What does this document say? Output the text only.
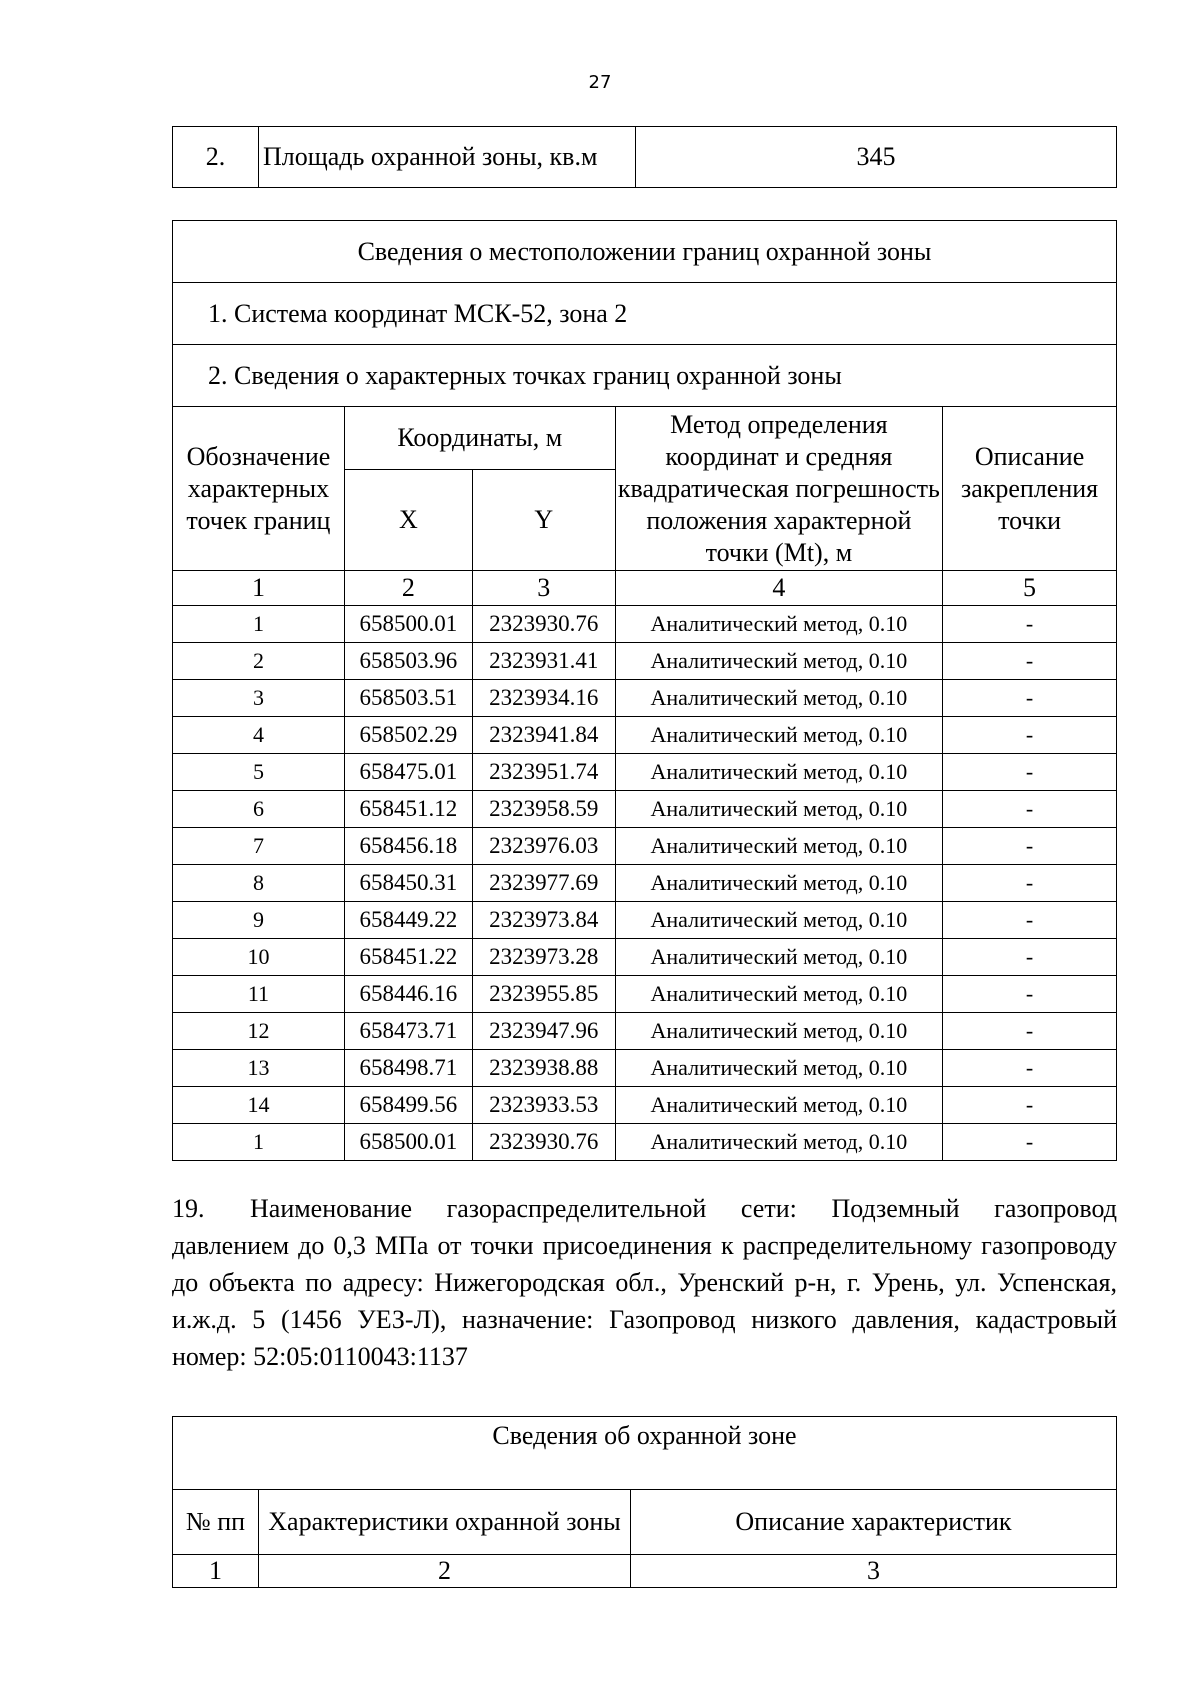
27
2.	Площадь охранной зоны, кв.м	345
Сведения о местоположении границ охранной зоны				
1. Система координат МСК-52, зона 2				
2. Сведения о характерных точках границ охранной зоны				
Обозначение характерных точек границ	Координаты, м		Метод определения координат и средняя квадратическая погрешность положения характерной точки (Mt), м	Описание закрепления точки
	X	Y		
1	2	3	4	5
1	658500.01	2323930.76	Аналитический метод, 0.10	-
2	658503.96	2323931.41	Аналитический метод, 0.10	-
3	658503.51	2323934.16	Аналитический метод, 0.10	-
4	658502.29	2323941.84	Аналитический метод, 0.10	-
5	658475.01	2323951.74	Аналитический метод, 0.10	-
6	658451.12	2323958.59	Аналитический метод, 0.10	-
7	658456.18	2323976.03	Аналитический метод, 0.10	-
8	658450.31	2323977.69	Аналитический метод, 0.10	-
9	658449.22	2323973.84	Аналитический метод, 0.10	-
10	658451.22	2323973.28	Аналитический метод, 0.10	-
11	658446.16	2323955.85	Аналитический метод, 0.10	-
12	658473.71	2323947.96	Аналитический метод, 0.10	-
13	658498.71	2323938.88	Аналитический метод, 0.10	-
14	658499.56	2323933.53	Аналитический метод, 0.10	-
1	658500.01	2323930.76	Аналитический метод, 0.10	-
19. Наименование газораспределительной сети: Подземный газопровод давлением до 0,3 МПа от точки присоединения к распределительному газопроводу до объекта по адресу: Нижегородская обл., Уренский р-н, г. Урень, ул. Успенская, и.ж.д. 5 (1456 УЕЗ-Л), назначение: Газопровод низкого давления, кадастровый номер: 52:05:0110043:1137
Сведения об охранной зоне		
№ пп	Характеристики охранной зоны	Описание характеристик
1	2	3
